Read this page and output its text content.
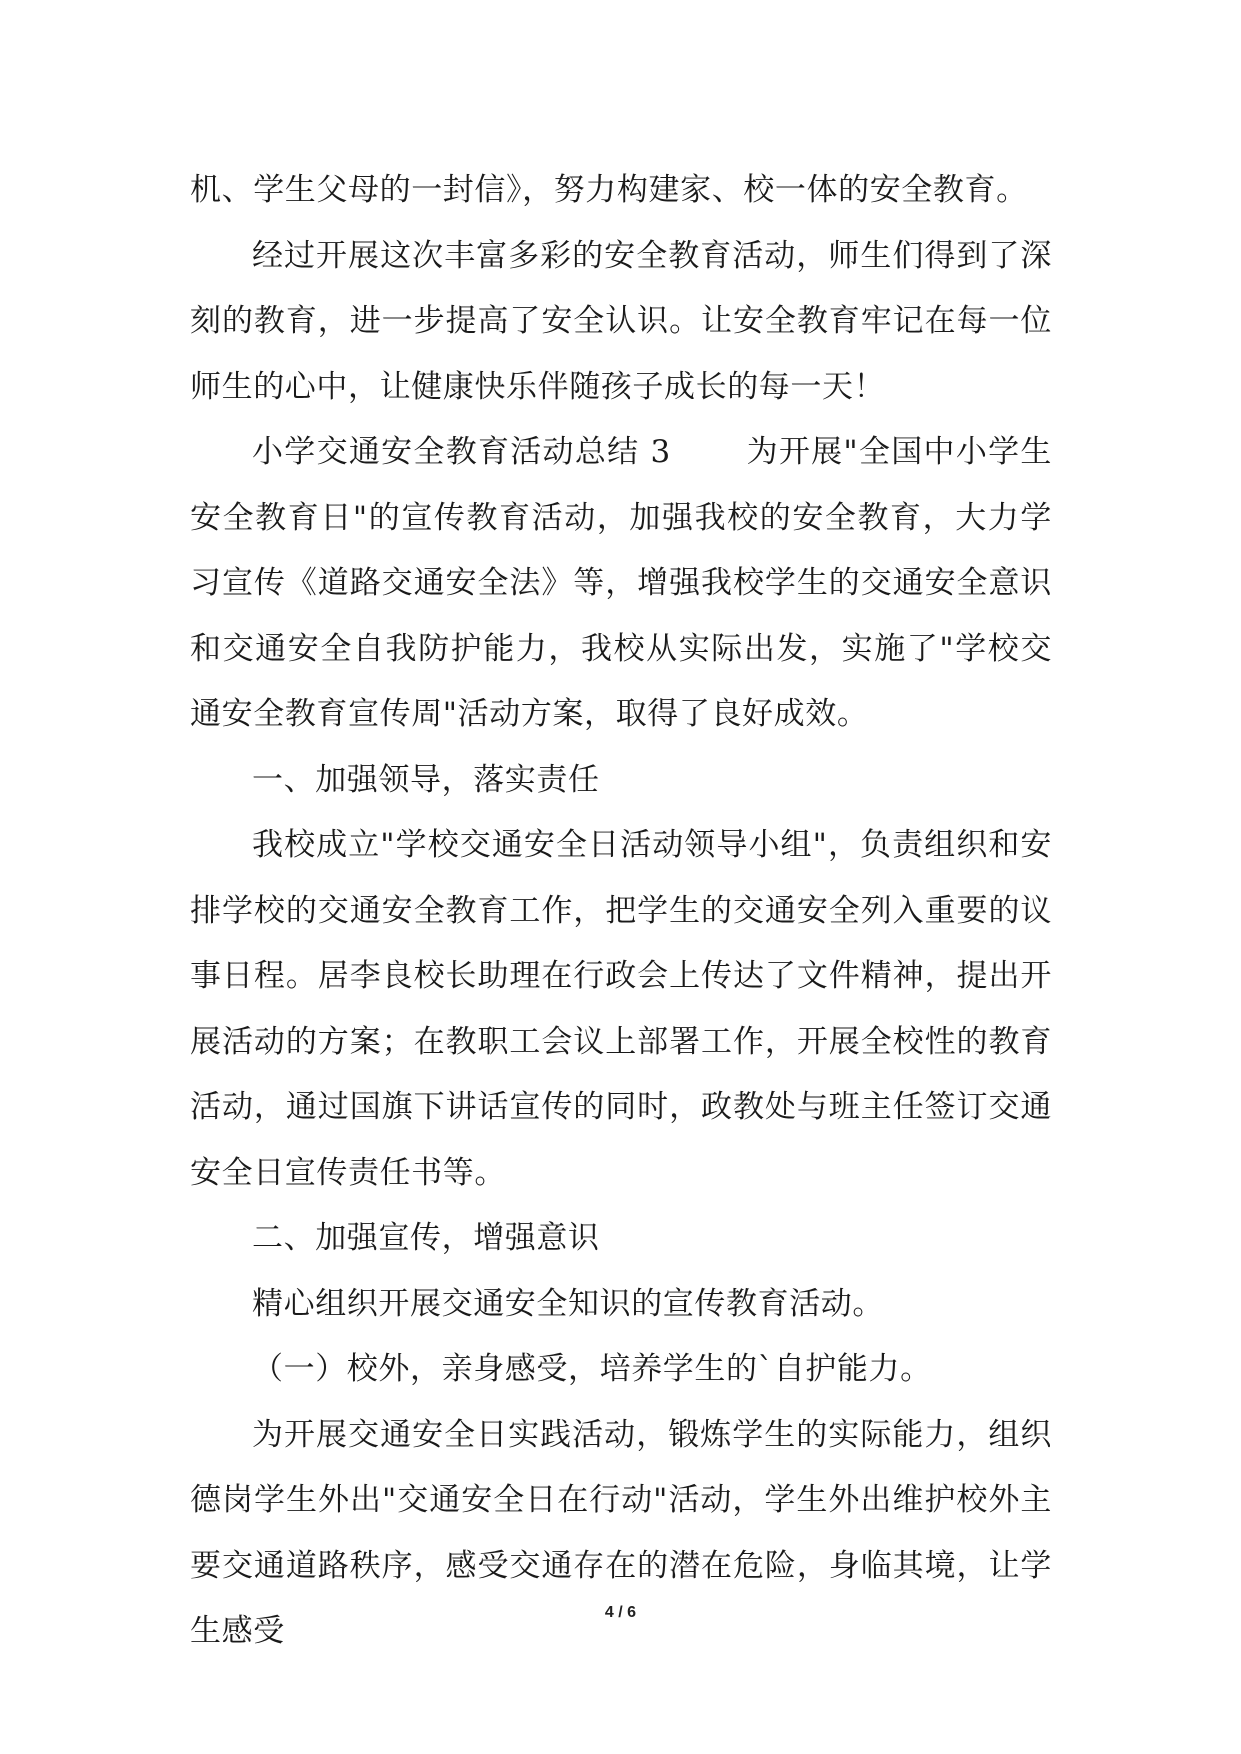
机、学生父母的一封信》，努力构建家、校一体的安全教育。

经过开展这次丰富多彩的安全教育活动，师生们得到了深刻的教育，进一步提高了安全认识。让安全教育牢记在每一位师生的心中，让健康快乐伴随孩子成长的每一天！

小学交通安全教育活动总结 3 　　为开展"全国中小学生安全教育日"的宣传教育活动，加强我校的安全教育，大力学习宣传《道路交通安全法》等，增强我校学生的交通安全意识和交通安全自我防护能力，我校从实际出发，实施了"学校交通安全教育宣传周"活动方案，取得了良好成效。

一、加强领导，落实责任

我校成立"学校交通安全日活动领导小组"，负责组织和安排学校的交通安全教育工作，把学生的交通安全列入重要的议事日程。居李良校长助理在行政会上传达了文件精神，提出开展活动的方案；在教职工会议上部署工作，开展全校性的教育活动，通过国旗下讲话宣传的同时，政教处与班主任签订交通安全日宣传责任书等。

二、加强宣传，增强意识

精心组织开展交通安全知识的宣传教育活动。

（一）校外，亲身感受，培养学生的`自护能力。

为开展交通安全日实践活动，锻炼学生的实际能力，组织德岗学生外出"交通安全日在行动"活动，学生外出维护校外主要交通道路秩序，感受交通存在的潜在危险，身临其境，让学生感受

4 / 6
